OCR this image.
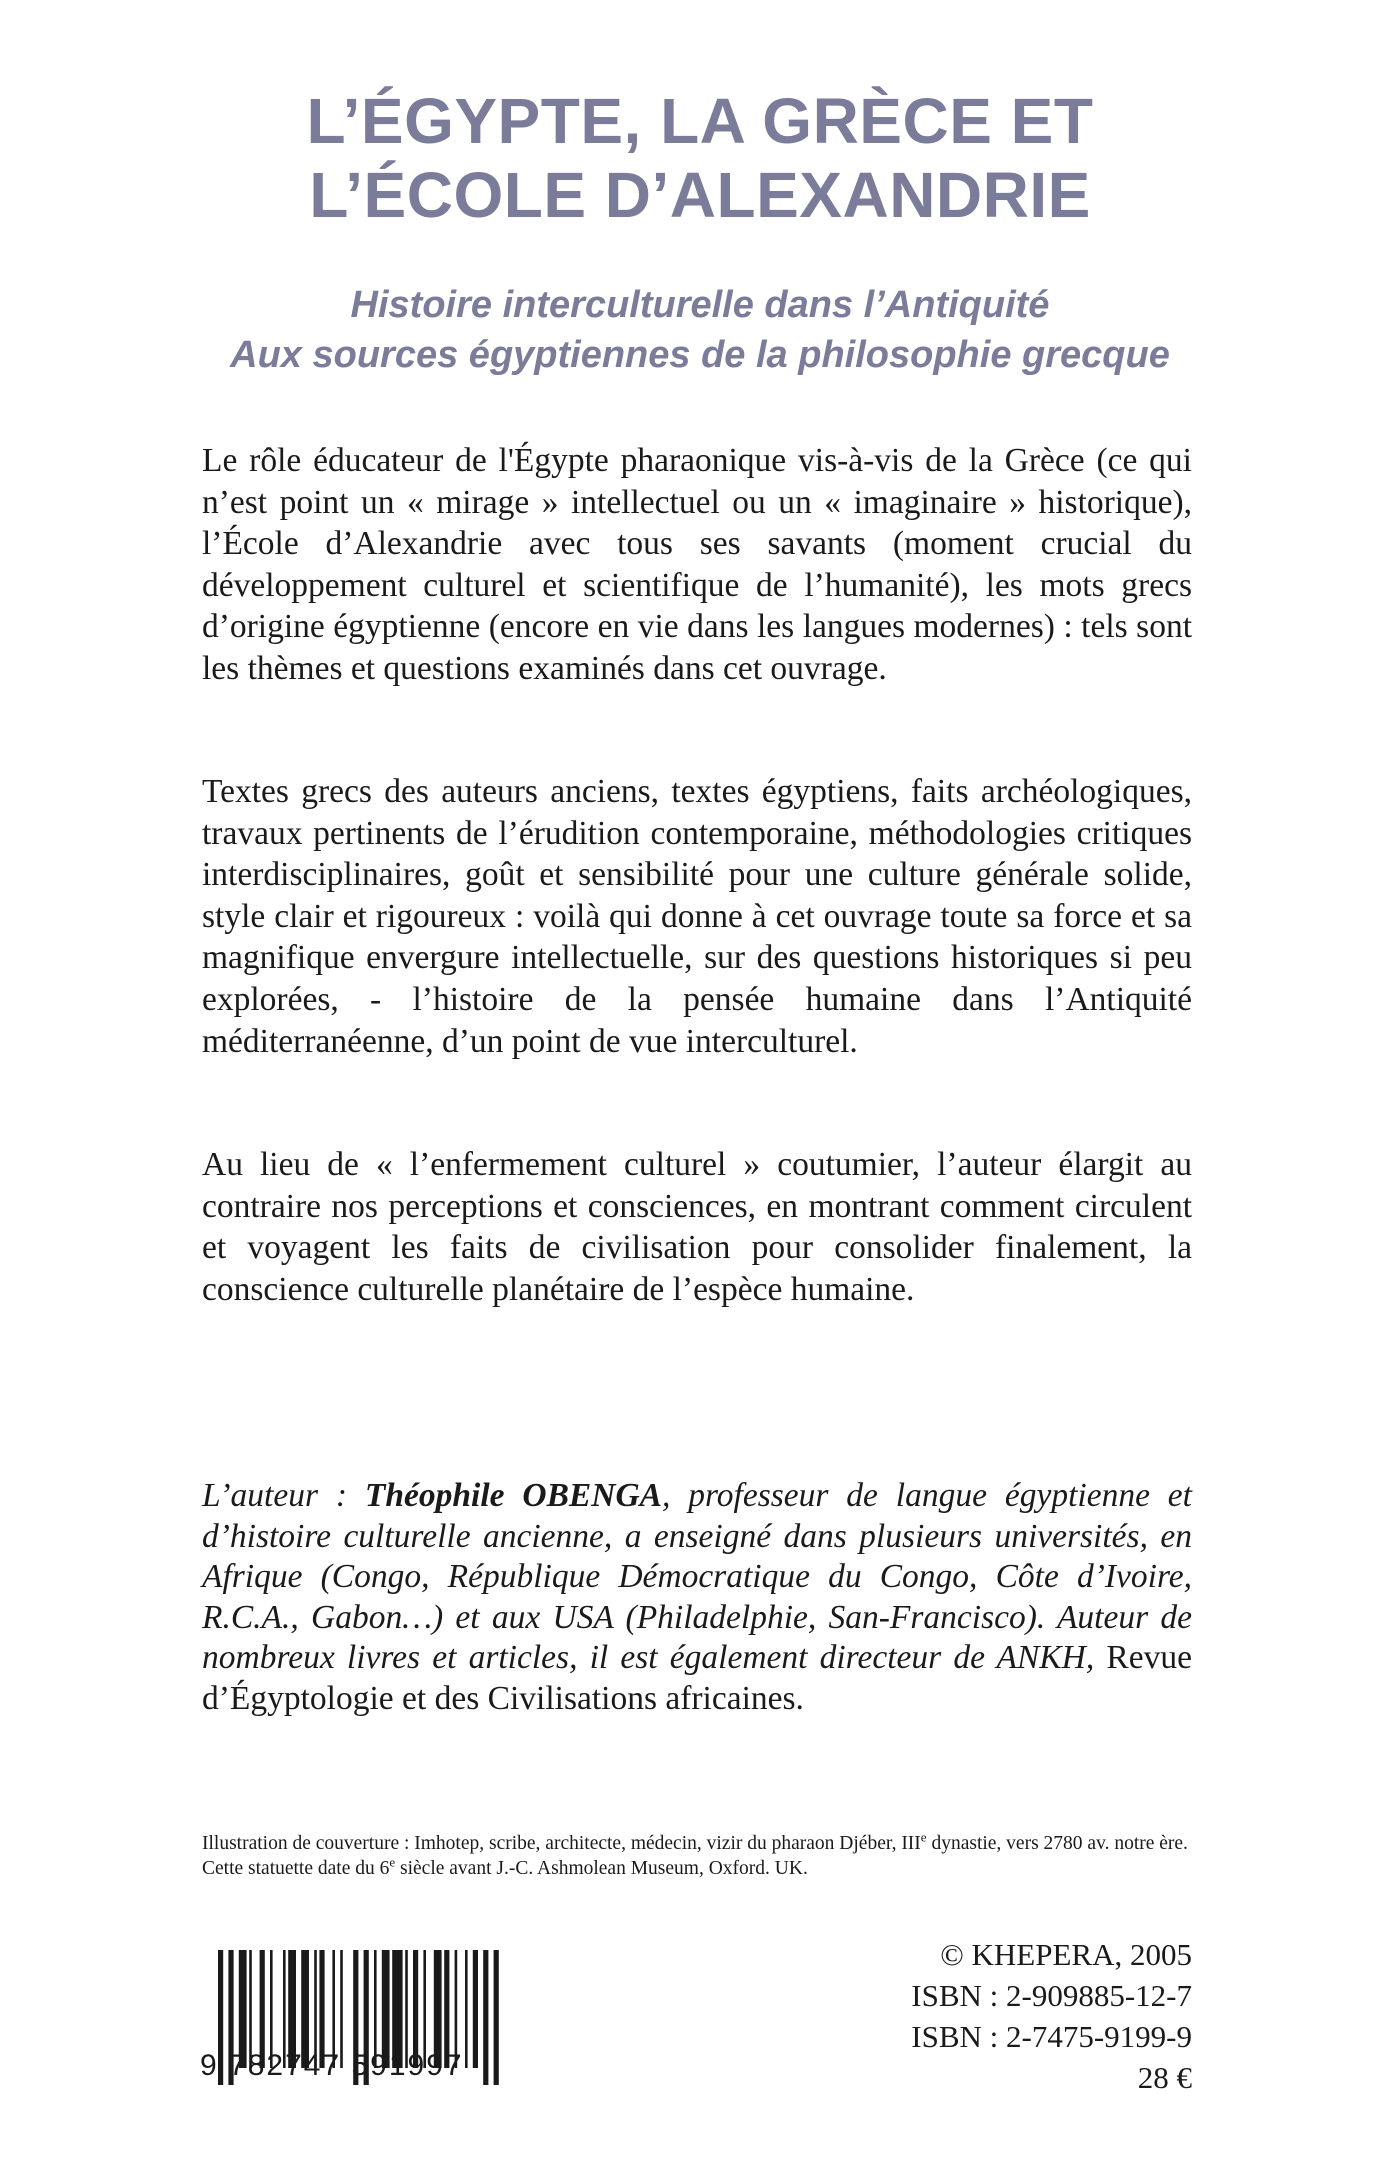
L’ÉGYPTE, LA GRÈCE ET
L’ÉCOLE D’ALEXANDRIE
Histoire interculturelle dans l’Antiquité
Aux sources égyptiennes de la philosophie grecque

Le rôle éducateur de l'Égypte pharaonique vis-à-vis de la Grèce (ce qui n’est point un « mirage » intellectuel ou un « imaginaire » historique), l’École d’Alexandrie avec tous ses savants (moment crucial du développement culturel et scientifique de l’humanité), les mots grecs d’origine égyptienne (encore en vie dans les langues modernes) : tels sont les thèmes et questions examinés dans cet ouvrage.

Textes grecs des auteurs anciens, textes égyptiens, faits archéologiques, travaux pertinents de l’érudition contemporaine, méthodologies critiques interdisciplinaires, goût et sensibilité pour une culture générale solide, style clair et rigoureux : voilà qui donne à cet ouvrage toute sa force et sa magnifique envergure intellectuelle, sur des questions historiques si peu explorées, - l’histoire de la pensée humaine dans l’Antiquité méditerranéenne, d’un point de vue interculturel.

Au lieu de « l’enfermement culturel » coutumier, l’auteur élargit au contraire nos perceptions et consciences, en montrant comment circulent et voyagent les faits de civilisation pour consolider finalement, la conscience culturelle planétaire de l’espèce humaine.

L’auteur : Théophile OBENGA, professeur de langue égyptienne et d’histoire culturelle ancienne, a enseigné dans plusieurs universités, en Afrique (Congo, République Démocratique du Congo, Côte d’Ivoire, R.C.A., Gabon…) et aux USA (Philadelphie, San-Francisco). Auteur de nombreux livres et articles, il est également directeur de ANKH, Revue d’Égyptologie et des Civilisations africaines.

Illustration de couverture : Imhotep, scribe, architecte, médecin, vizir du pharaon Djéber, IIIe dynastie, vers 2780 av. notre ère.
Cette statuette date du 6e siècle avant J.-C. Ashmolean Museum, Oxford. UK.

9 782747 591997
© KHEPERA, 2005
ISBN : 2-909885-12-7
ISBN : 2-7475-9199-9
28 €
